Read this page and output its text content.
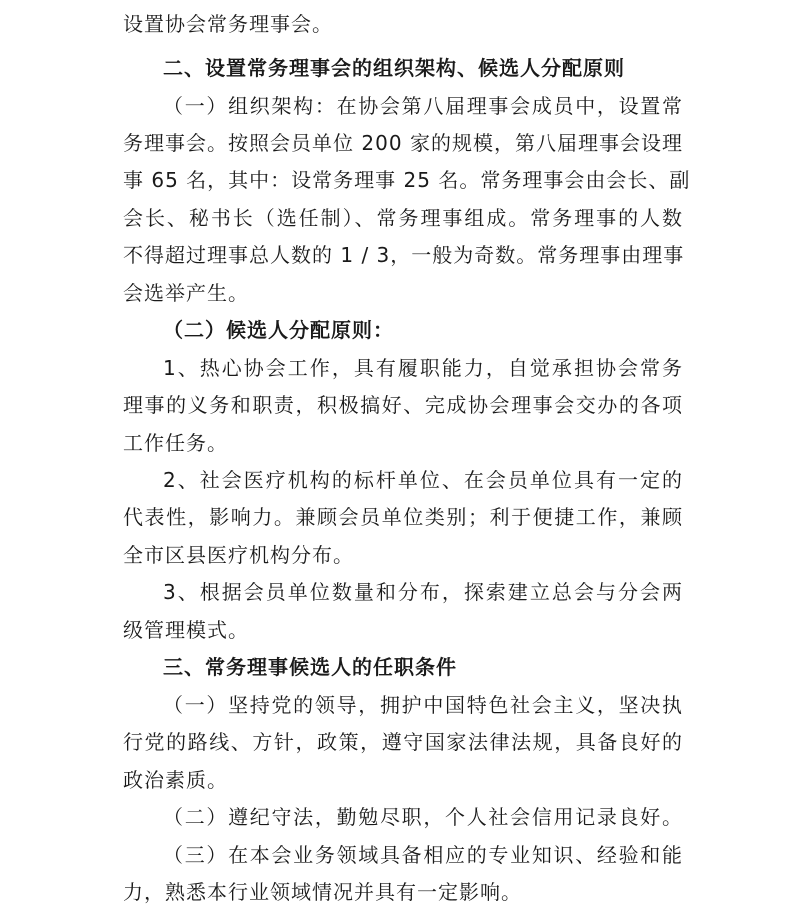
设置协会常务理事会。
二、设置常务理事会的组织架构、候选人分配原则
（一）组织架构：在协会第八届理事会成员中，设置常
务理事会。按照会员单位 200 家的规模，第八届理事会设理
事 65 名，其中：设常务理事 25 名。常务理事会由会长、副
会长、秘书长（选任制）、常务理事组成。常务理事的人数
不得超过理事总人数的 1 / 3，一般为奇数。常务理事由理事
会选举产生。
（二）候选人分配原则：
1、热心协会工作，具有履职能力，自觉承担协会常务
理事的义务和职责，积极搞好、完成协会理事会交办的各项
工作任务。
2、社会医疗机构的标杆单位、在会员单位具有一定的
代表性，影响力。兼顾会员单位类别；利于便捷工作，兼顾
全市区县医疗机构分布。
3、根据会员单位数量和分布，探索建立总会与分会两
级管理模式。
三、常务理事候选人的任职条件
（一）坚持党的领导，拥护中国特色社会主义，坚决执
行党的路线、方针，政策，遵守国家法律法规，具备良好的
政治素质。
（二）遵纪守法，勤勉尽职，个人社会信用记录良好。
（三）在本会业务领域具备相应的专业知识、经验和能
力，熟悉本行业领域情况并具有一定影响。
